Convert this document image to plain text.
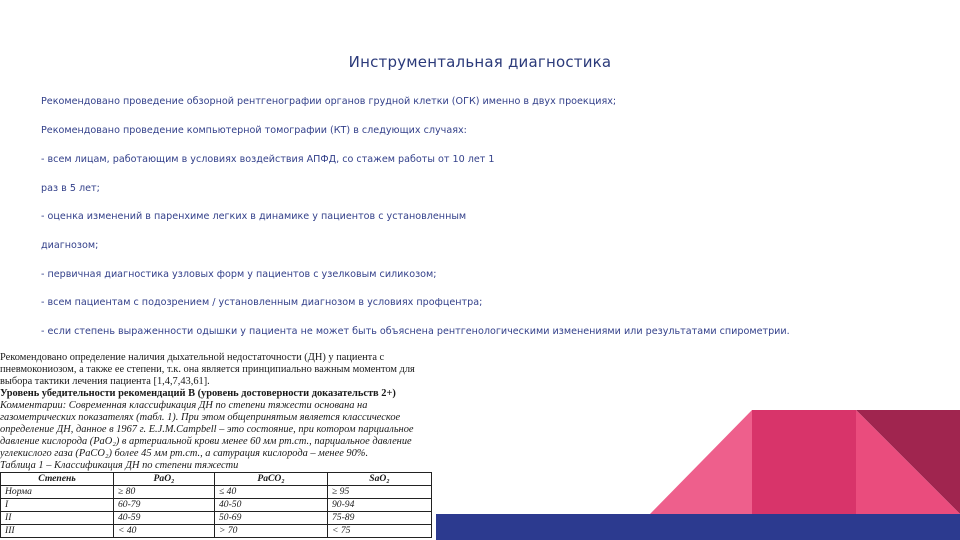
Инструментальная диагностика
Рекомендовано проведение обзорной рентгенографии органов грудной клетки (ОГК) именно в двух проекциях;
Рекомендовано проведение компьютерной томографии (КТ) в следующих случаях:
- всем лицам, работающим в условиях воздействия АПФД, со стажем работы от 10 лет 1
раз в 5 лет;
- оценка изменений в паренхиме легких в динамике у пациентов с установленным
диагнозом;
- первичная диагностика узловых форм у пациентов с узелковым силикозом;
- всем пациентам с подозрением / установленным диагнозом в условиях профцентра;
- если степень выраженности одышки у пациента не может быть объяснена рентгенологическими изменениями или результатами спирометрии.
Рекомендовано определение наличия дыхательной недостаточности (ДН) у пациента с
пневмокониозом, а также ее степени, т.к. она является принципиально важным моментом для
выбора тактики лечения пациента [1,4,7,43,61].
Уровень убедительности рекомендаций В (уровень достоверности доказательств 2+)
Комментарии: Современная классификация ДН по степени тяжести основана на
газометрических показателях (табл. 1). При этом общепринятым является классическое
определение ДН, данное в 1967 г. E.J.M.Campbell – это состояние, при котором парциальное
давление кислорода (PaO₂) в артериальной крови менее 60 мм рт.ст., парциальное давление
углекислого газа (PaCO₂) более 45 мм рт.ст., а сатурация кислорода – менее 90%.
Таблица 1 – Классификация ДН по степени тяжести
Степень	PaO₂	PaCO₂	SaO₂
Норма	≥ 80	≤ 40	≥ 95
I	60-79	40-50	90-94
II	40-59	50-69	75-89
III	< 40	> 70	< 75
